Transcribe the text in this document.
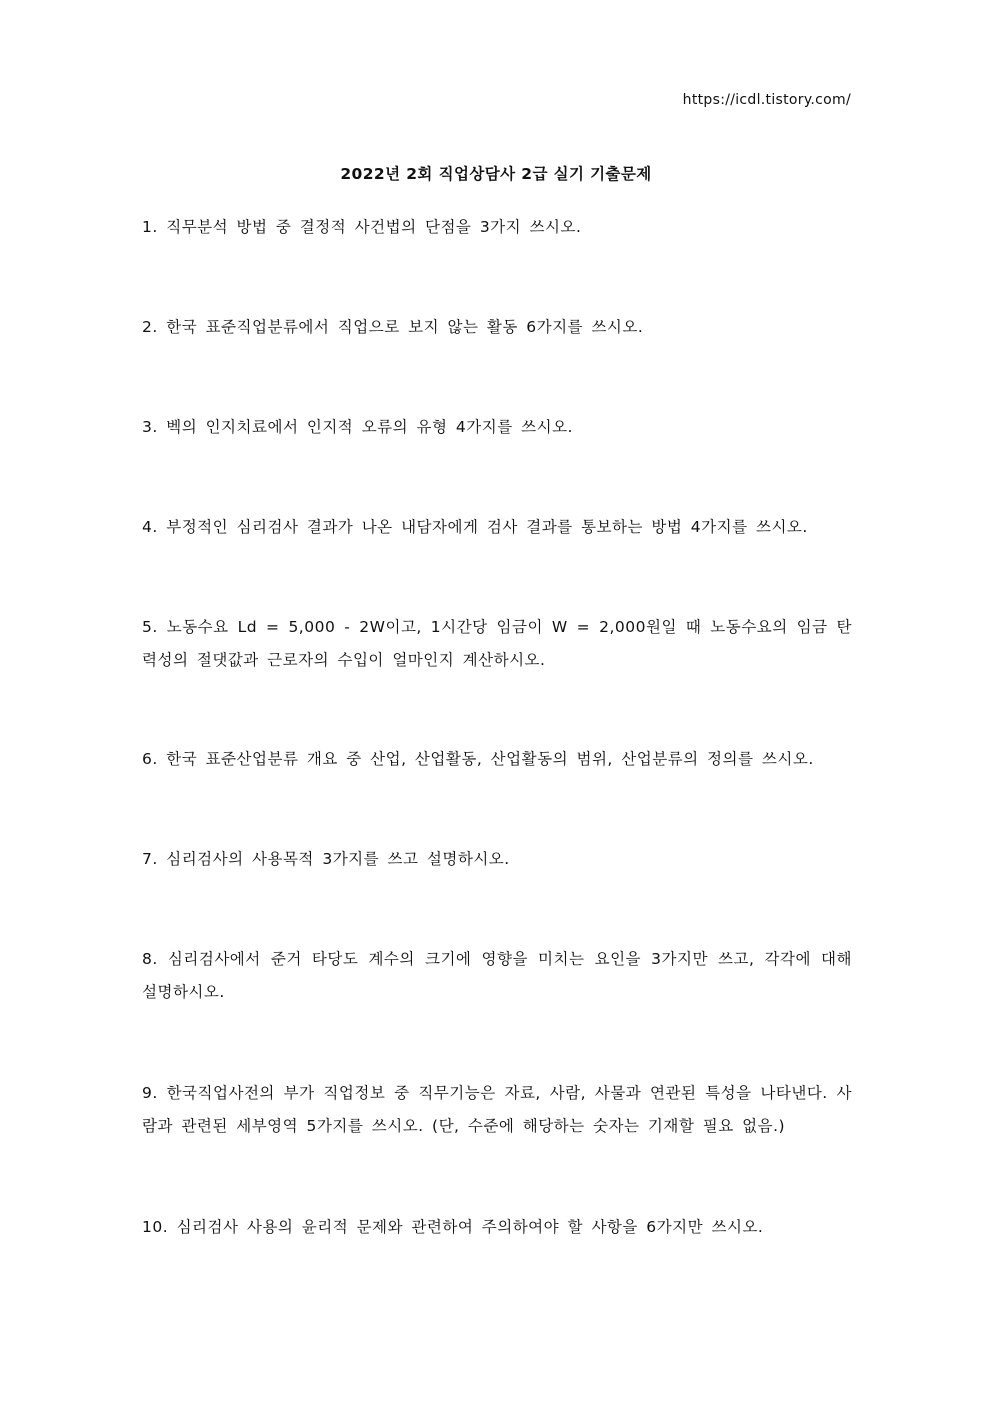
https://icdl.tistory.com/
2022년 2회 직업상담사 2급 실기 기출문제

1. 직무분석 방법 중 결정적 사건법의 단점을 3가지 쓰시오.

2. 한국 표준직업분류에서 직업으로 보지 않는 활동 6가지를 쓰시오.

3. 벡의 인지치료에서 인지적 오류의 유형 4가지를 쓰시오.

4. 부정적인 심리검사 결과가 나온 내담자에게 검사 결과를 통보하는 방법 4가지를 쓰시오.

5. 노동수요 Ld = 5,000 - 2W이고, 1시간당 임금이 W = 2,000원일 때 노동수요의 임금 탄력성의 절댓값과 근로자의 수입이 얼마인지 계산하시오.

6. 한국 표준산업분류 개요 중 산업, 산업활동, 산업활동의 범위, 산업분류의 정의를 쓰시오.

7. 심리검사의 사용목적 3가지를 쓰고 설명하시오.

8. 심리검사에서 준거 타당도 계수의 크기에 영향을 미치는 요인을 3가지만 쓰고, 각각에 대해 설명하시오.

9. 한국직업사전의 부가 직업정보 중 직무기능은 자료, 사람, 사물과 연관된 특성을 나타낸다. 사람과 관련된 세부영역 5가지를 쓰시오. (단, 수준에 해당하는 숫자는 기재할 필요 없음.)

10. 심리검사 사용의 윤리적 문제와 관련하여 주의하여야 할 사항을 6가지만 쓰시오.
